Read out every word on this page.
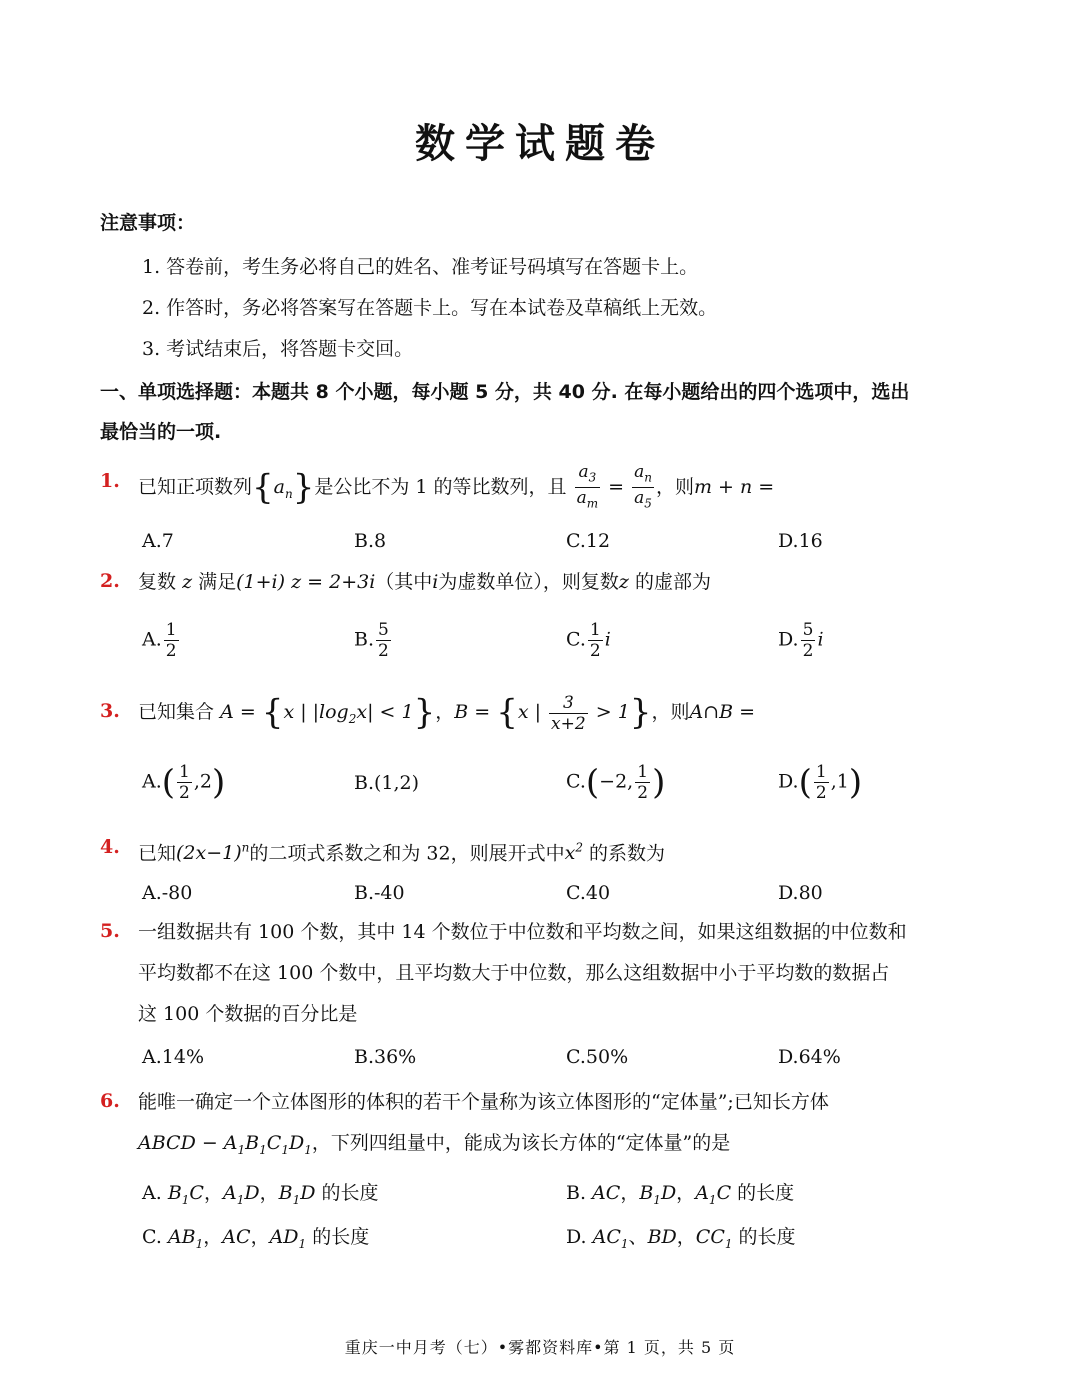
数学试题卷
注意事项：
1. 答卷前，考生务必将自己的姓名、准考证号码填写在答题卡上。
2. 作答时，务必将答案写在答题卡上。写在本试卷及草稿纸上无效。
3. 考试结束后，将答题卡交回。
一、单项选择题：本题共 8 个小题，每小题 5 分，共 40 分. 在每小题给出的四个选项中，选出
最恰当的一项.
1. 已知正项数列$\{a_n\}$是公比不为 1 的等比数列，且 $\frac{a_3}{a_m} = \frac{a_n}{a_5}$ ，则m + n =
A.7	B.8	C.12	D.16
2. 复数 z 满足(1+i) z = 2+3i（其中i为虚数单位），则复数z 的虚部为
A. $\frac{1}{2}$	B. $\frac{5}{2}$	C. $\frac{1}{2}$ i	D. $\frac{5}{2}$ i
3. 已知集合 A = {x | $|\log_2x| < 1$}，B = {x | $\frac{3}{x+2} > 1$}，则A∩B =
$A.( \frac{1}{2} ,2)$	B.(1,2)	C.(−2, $\frac{1}{2}$ )	$D.( \frac{1}{2} ,1)$
4. 已知$(2x-1)^n$的二项式系数之和为 32，则展开式中$x^2$ 的系数为
A.-80	B.-40	C.40	D.80
5. 一组数据共有 100 个数，其中 14 个数位于中位数和平均数之间，如果这组数据的中位数和
平均数都不在这 100 个数中，且平均数大于中位数，那么这组数据中小于平均数的数据占
这 100 个数据的百分比是
A.14%	B.36%	C.50%	D.64%
6. 能唯一确定一个立体图形的体积的若干个量称为该立体图形的“定体量”;已知长方体
ABCD − $A_1B_1C_1D_1$，下列四组量中，能成为该长方体的“定体量”的是
A. $B_1C$，$A_1D$，$B_1D$ 的长度	B. AC，$B_1D$，$A_1C$ 的长度
C. $AB_1$，AC，$AD_1$ 的长度	D. $AC_1$、BD，$CC_1$ 的长度
重庆一中月考（七）•雾都资料库•第 1 页，共 5 页
